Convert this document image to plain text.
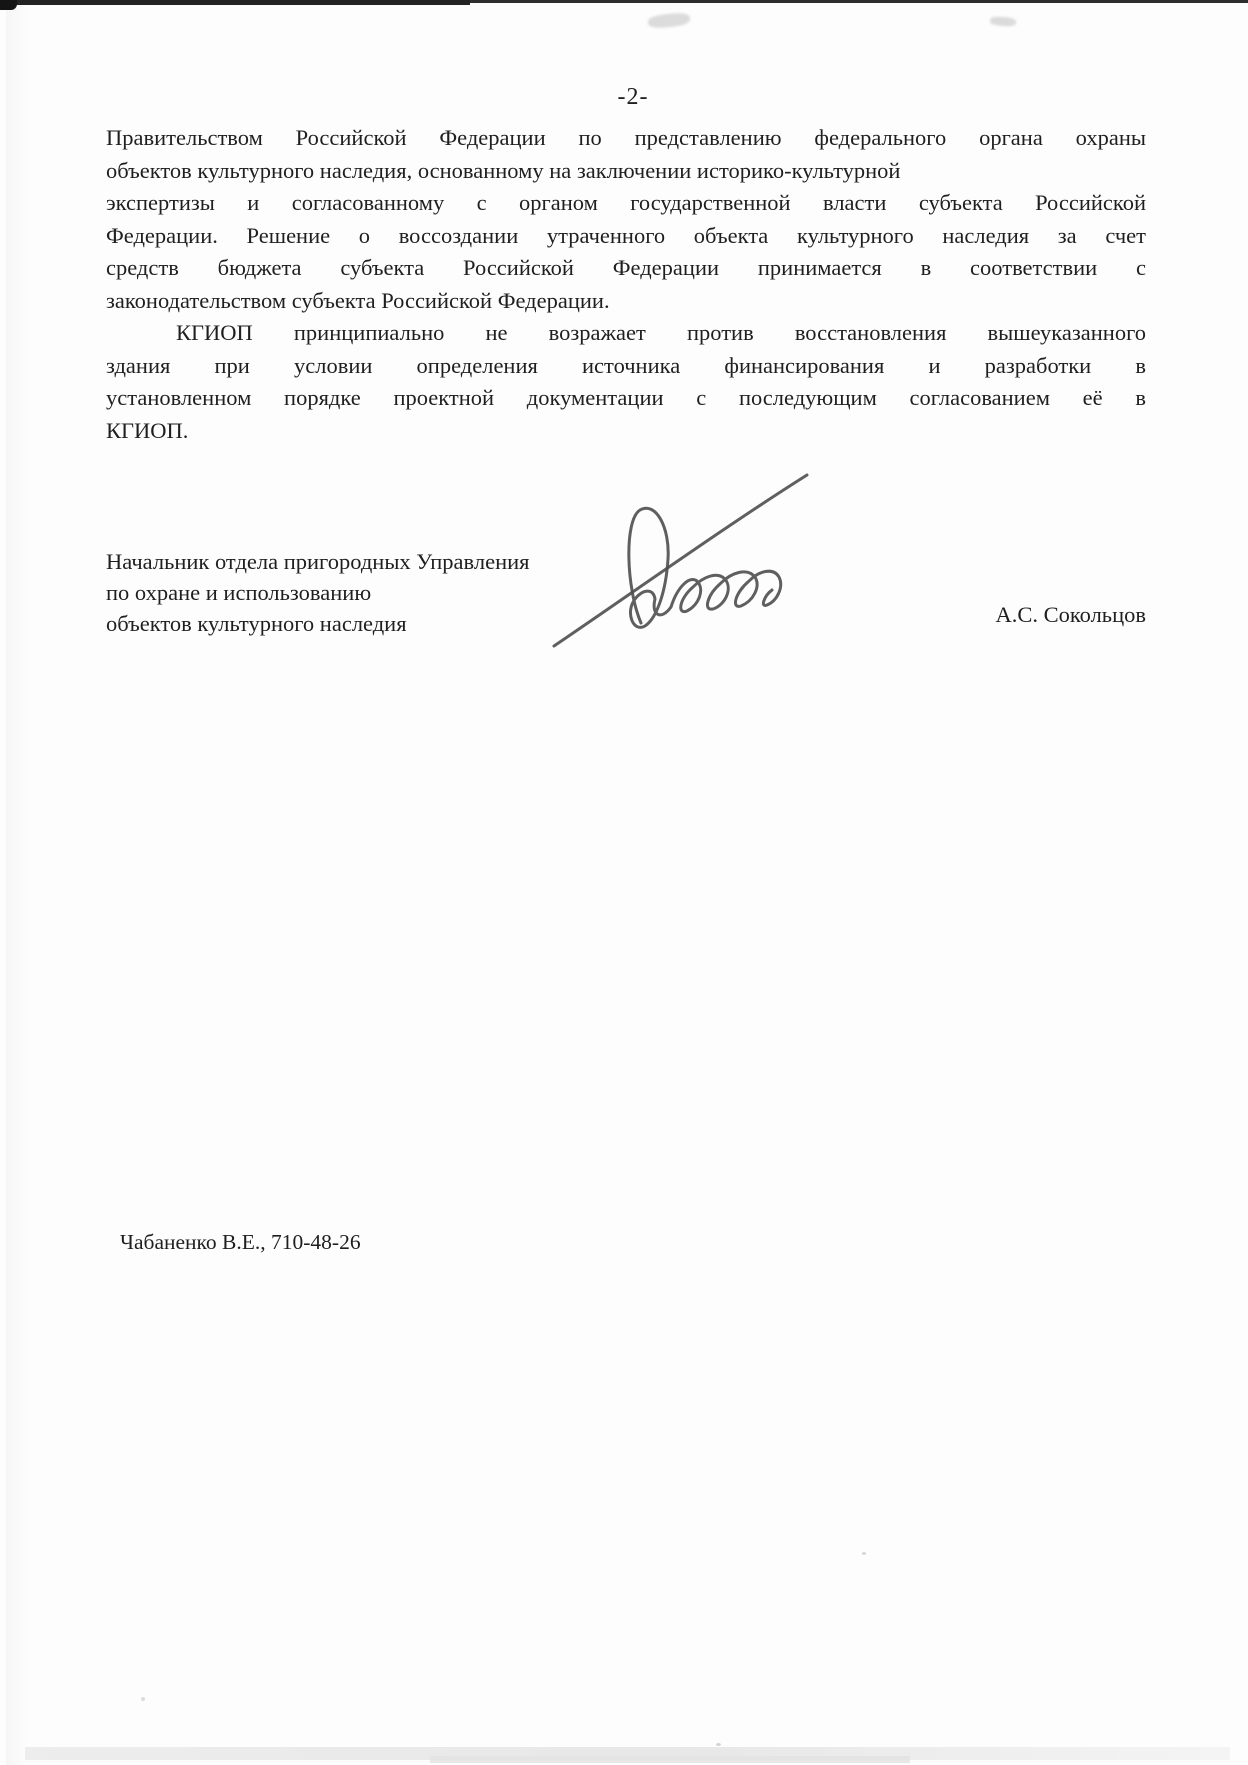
-2-
Правительством Российской Федерации по представлению федерального органа охраны
объектов культурного наследия, основанному на заключении историко-культурной
экспертизы и согласованному с органом государственной власти субъекта Российской
Федерации. Решение о воссоздании утраченного объекта культурного наследия за счет
средств бюджета субъекта Российской Федерации принимается в соответствии с
законодательством субъекта Российской Федерации.
КГИОП принципиально не возражает против восстановления вышеуказанного
здания при условии определения источника финансирования и разработки в
установленном порядке проектной документации с последующим согласованием её в
КГИОП.
Начальник отдела пригородных Управления
по охране и использованию
объектов культурного наследия	А.С. Сокольцов
Чабаненко В.Е., 710-48-26
